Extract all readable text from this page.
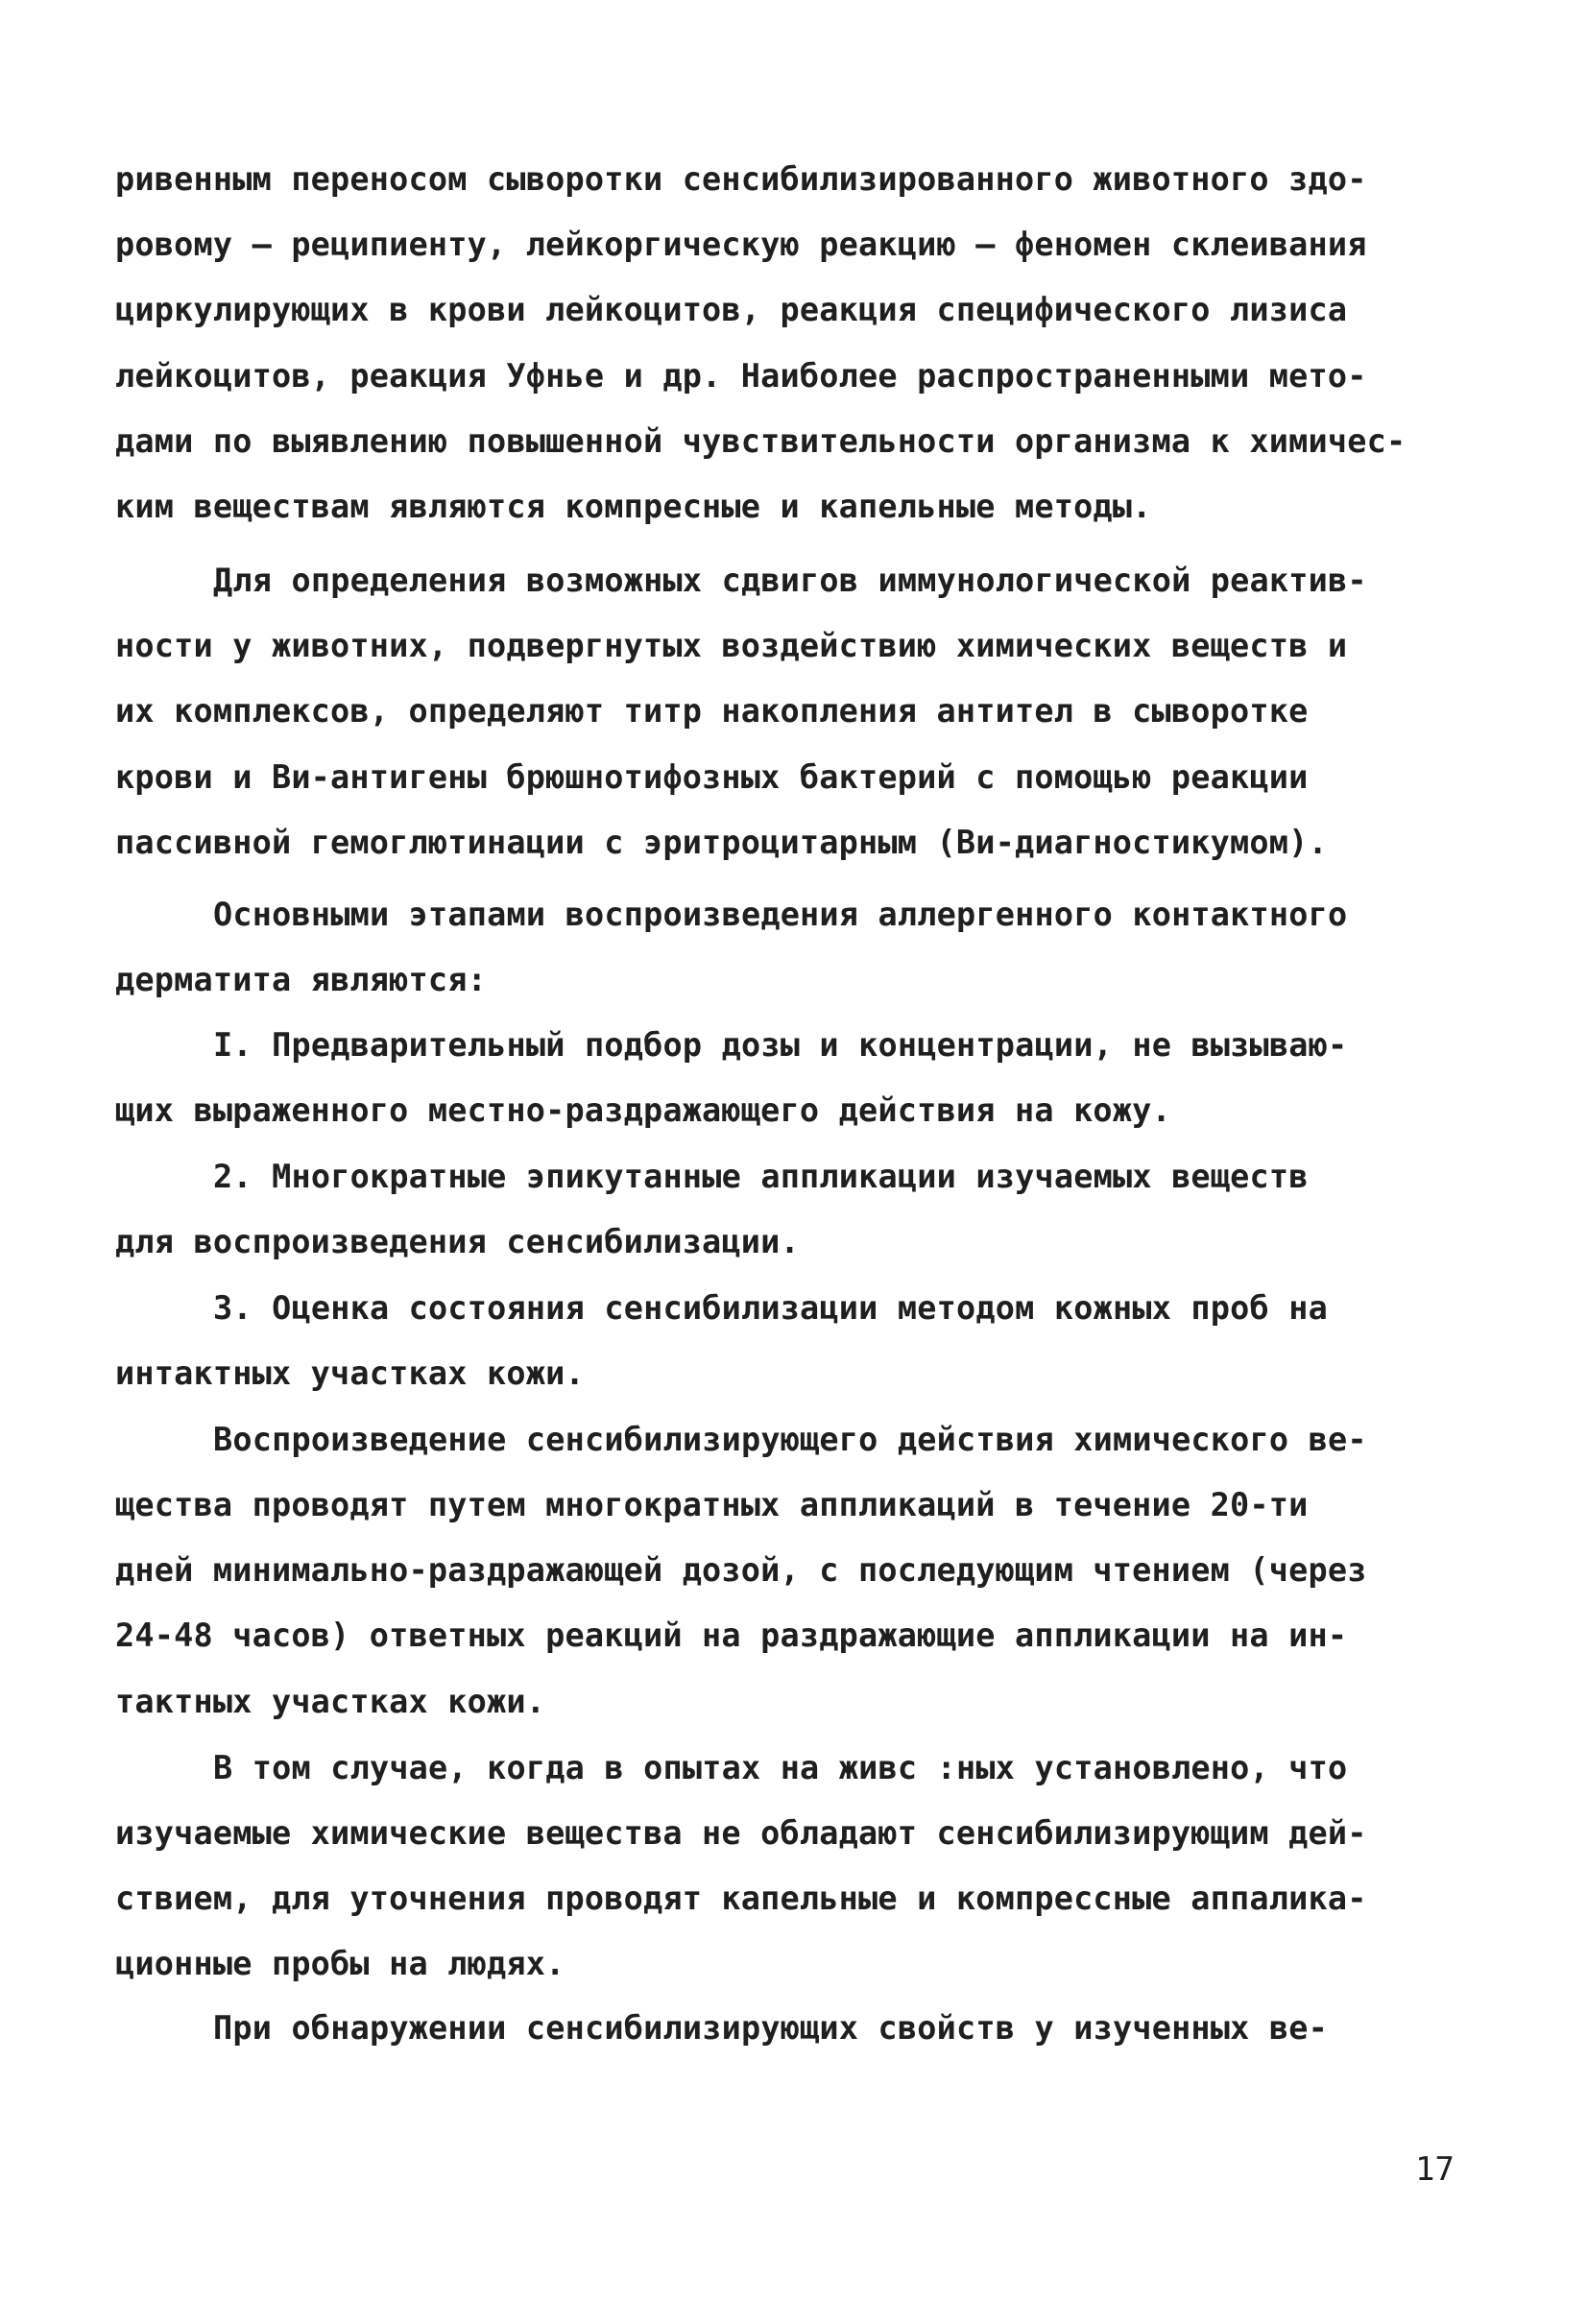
ривенным переносом сыворотки сенсибилизированного животного здо-
ровому – реципиенту, лейкоргическую реакцию – феномен склеивания
циркулирующих в крови лейкоцитов, реакция специфического лизиса
лейкоцитов, реакция Уфнье и др. Наиболее распространенными мето-
дами по выявлению повышенной чувствительности организма к химичес-
ким веществам являются компресные и капельные методы.
Для определения возможных сдвигов иммунологической реактив-
ности у животних, подвергнутых воздействию химических веществ и
их комплексов, определяют титр накопления антител в сыворотке
крови и Ви-антигены брюшнотифозных бактерий с помощью реакции
пассивной гемоглютинации с эритроцитарным (Ви-диагностикумом).
Основными этапами воспроизведения аллергенного контактного
дерматита являются:
I. Предварительный подбор дозы и концентрации, не вызываю-
щих выраженного местно-раздражающего действия на кожу.
2. Многократные эпикутанные аппликации изучаемых веществ
для воспроизведения сенсибилизации.
3. Оценка состояния сенсибилизации методом кожных проб на
интактных участках кожи.
Воспроизведение сенсибилизирующего действия химического ве-
щества проводят путем многократных аппликаций в течение 20-ти
дней минимально-раздражающей дозой, с последующим чтением (через
24-48 часов) ответных реакций на раздражающие аппликации на ин-
тактных участках кожи.
В том случае, когда в опытах на живс :ных установлено, что
изучаемые химические вещества не обладают сенсибилизирующим дей-
ствием, для уточнения проводят капельные и компрессные аппалика-
ционные пробы на людях.
При обнаружении сенсибилизирующих свойств у изученных ве-
17
